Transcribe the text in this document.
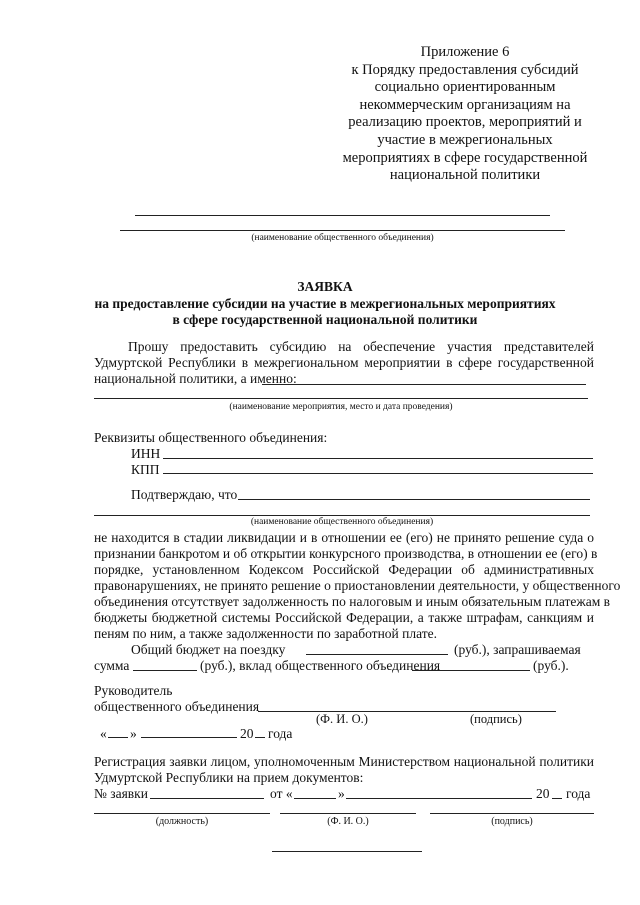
Приложение 6
к Порядку предоставления субсидий
социально ориентированным
некоммерческим организациям на
реализацию проектов, мероприятий и
участие в межрегиональных
мероприятиях в сфере государственной
национальной политики
(наименование общественного объединения)
ЗАЯВКА
на предоставление субсидии на участие в межрегиональных мероприятиях
в сфере государственной национальной политики
Прошу предоставить субсидию на обеспечение участия представителей
Удмуртской Республики в межрегиональном мероприятии в сфере государственной
национальной политики, а именно:
(наименование мероприятия, место и дата проведения)
Реквизиты общественного объединения:
ИНН
КПП
Подтверждаю, что
(наименование общественного объединения)
не находится в стадии ликвидации и в отношении ее (его) не принято решение суда о
признании банкротом и об открытии конкурсного производства, в отношении ее (его) в
порядке, установленном Кодексом Российской Федерации об административных
правонарушениях, не принято решение о приостановлении деятельности, у общественного
объединения отсутствует задолженность по налоговым и иным обязательным платежам в
бюджеты бюджетной системы Российской Федерации, а также штрафам, санкциям и
пеням по ним, а также задолженности по заработной плате.
Общий бюджет на поездку	(руб.), запрашиваемая
сумма	(руб.), вклад общественного объединения	(руб.).
Руководитель
общественного объединения
(Ф. И. О.)	(подпись)
« »	20 года
Регистрация заявки лицом, уполномоченным Министерством национальной политики
Удмуртской Республики на прием документов:
№ заявки	от «	»	20 года
(должность)	(Ф. И. О.)	(подпись)
